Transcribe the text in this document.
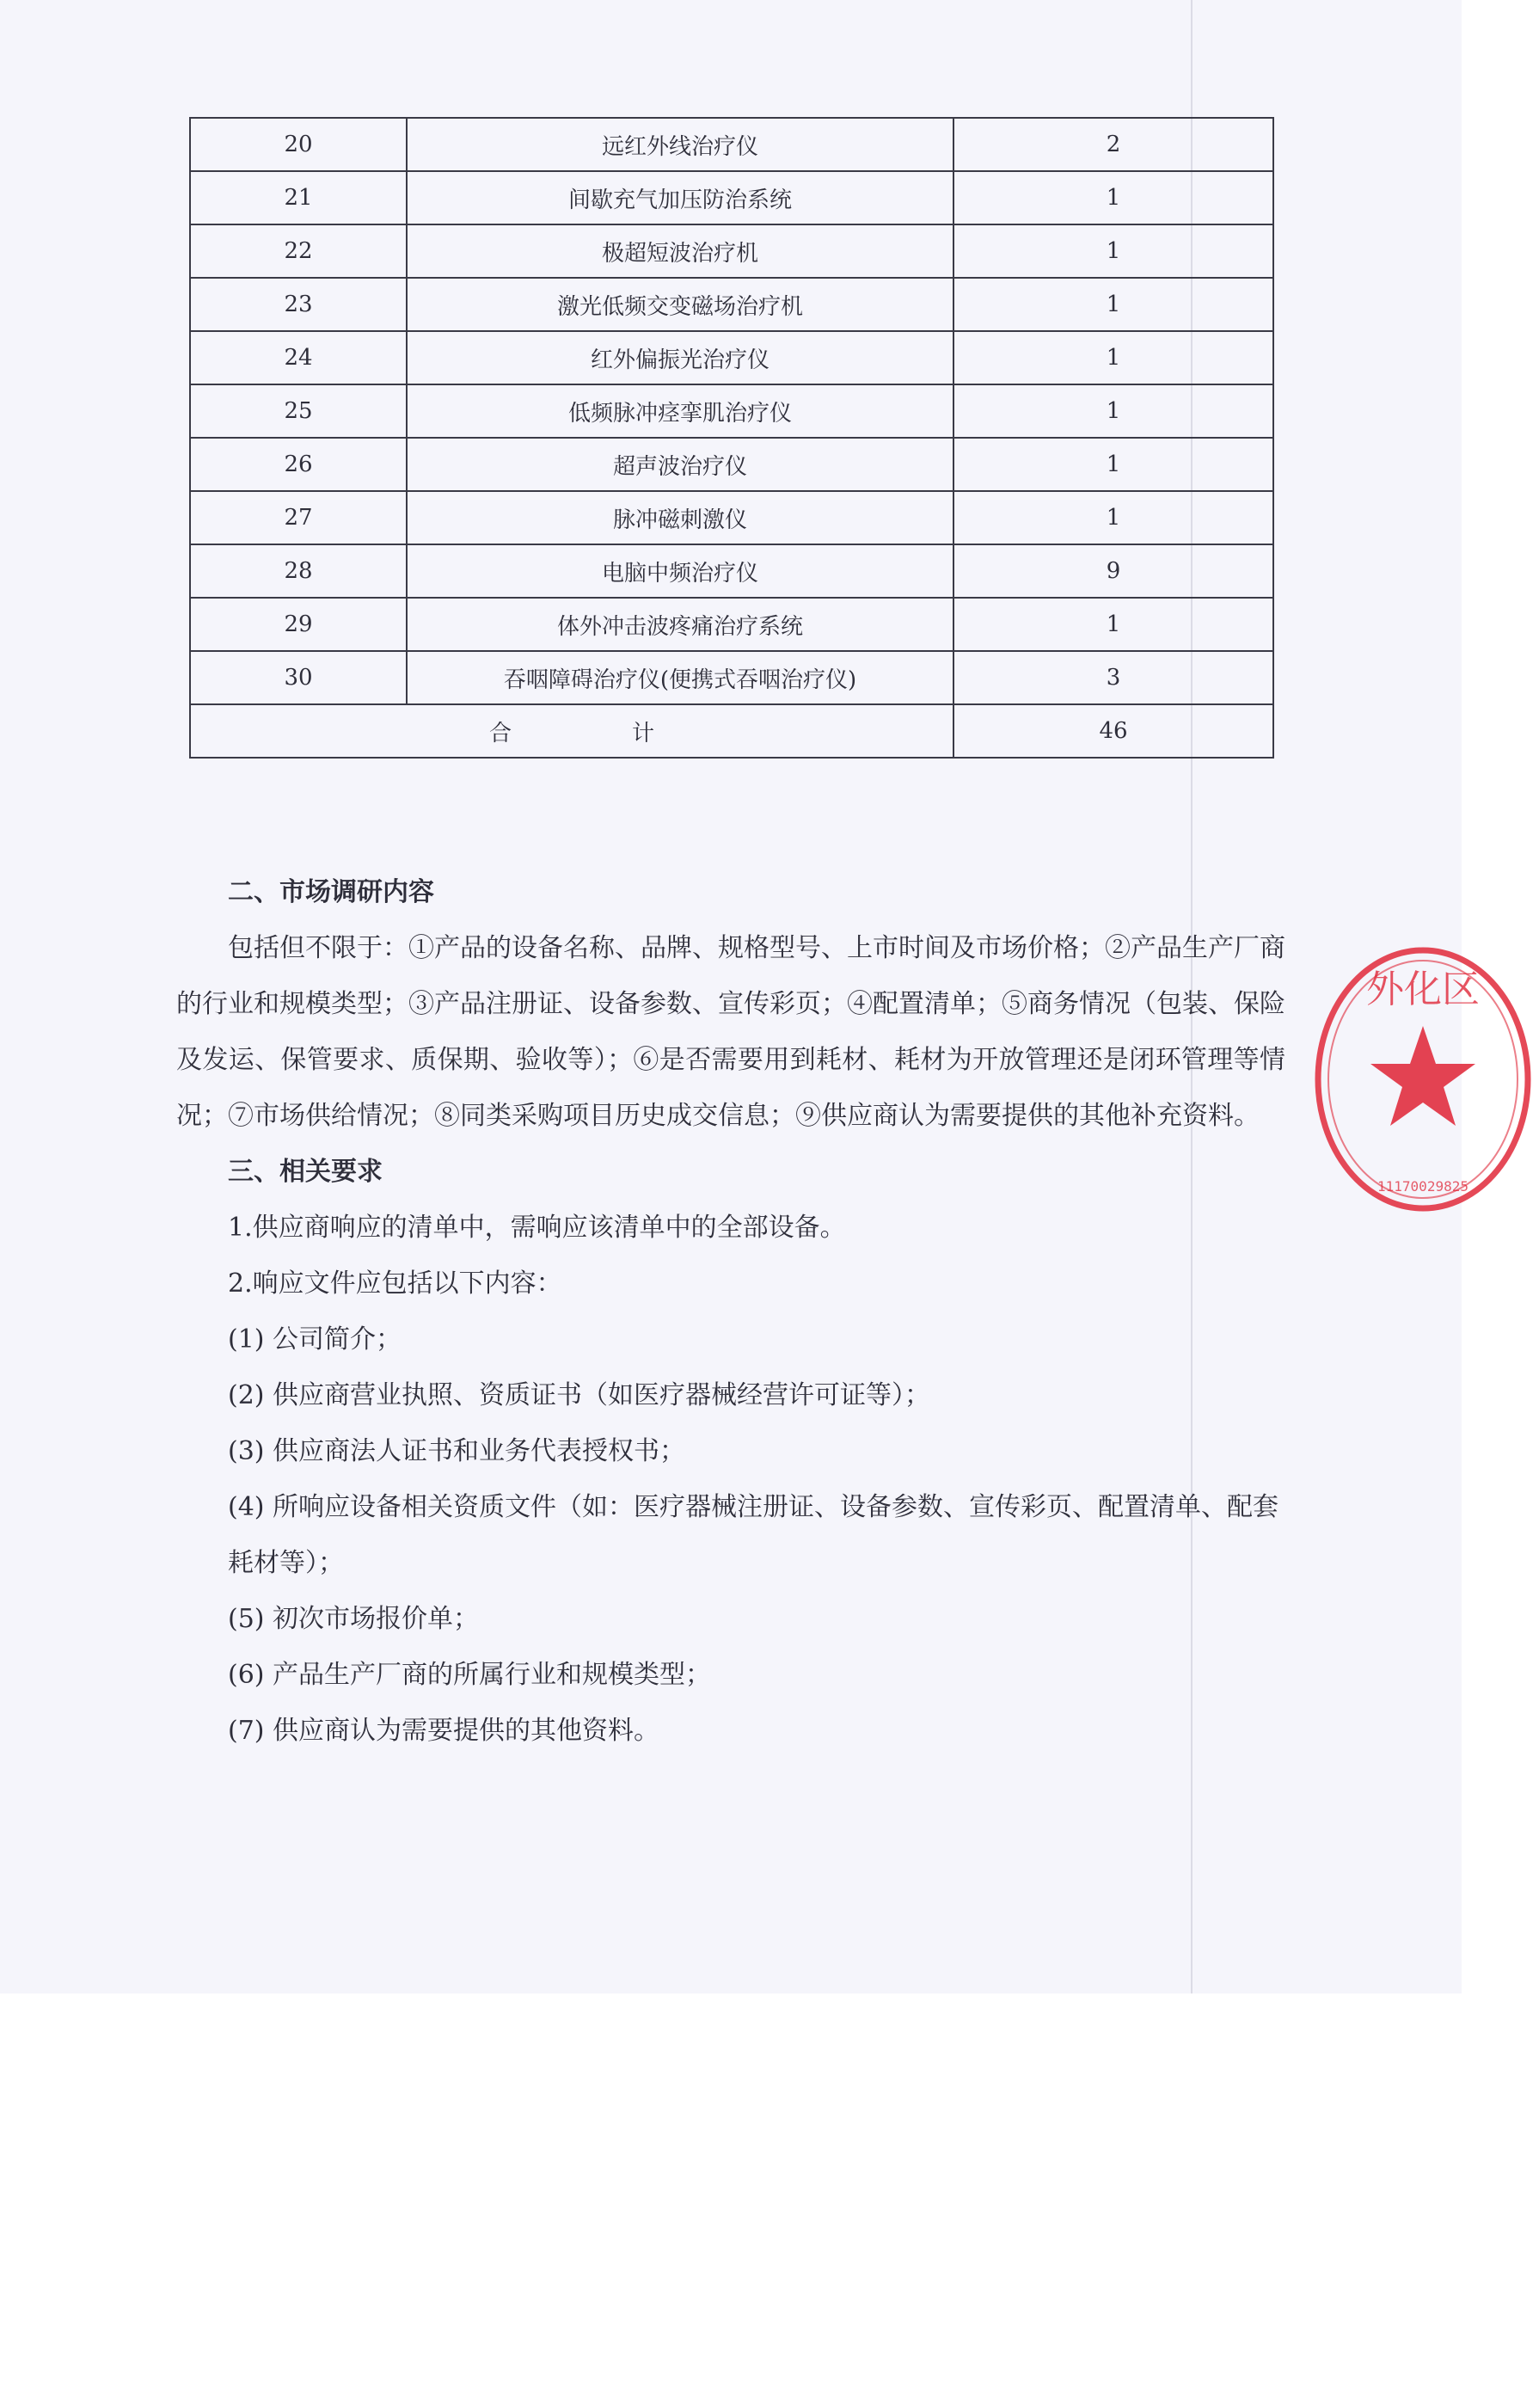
20	远红外线治疗仪	2
21	间歇充气加压防治系统	1
22	极超短波治疗机	1
23	激光低频交变磁场治疗机	1
24	红外偏振光治疗仪	1
25	低频脉冲痉挛肌治疗仪	1
26	超声波治疗仪	1
27	脉冲磁刺激仪	1
28	电脑中频治疗仪	9
29	体外冲击波疼痛治疗系统	1
30	吞咽障碍治疗仪(便携式吞咽治疗仪)	3
合 计		46
二、市场调研内容

包括但不限于：①产品的设备名称、品牌、规格型号、上市时间及市场价格；②产品生产厂商的行业和规模类型；③产品注册证、设备参数、宣传彩页；④配置清单；⑤商务情况（包装、保险及发运、保管要求、质保期、验收等）；⑥是否需要用到耗材、耗材为开放管理还是闭环管理等情况；⑦市场供给情况；⑧同类采购项目历史成交信息；⑨供应商认为需要提供的其他补充资料。

三、相关要求

1.供应商响应的清单中，需响应该清单中的全部设备。

2.响应文件应包括以下内容：

(1) 公司简介；

(2) 供应商营业执照、资质证书（如医疗器械经营许可证等）；

(3) 供应商法人证书和业务代表授权书；

(4) 所响应设备相关资质文件（如：医疗器械注册证、设备参数、宣传彩页、配置清单、配套耗材等）；

(5) 初次市场报价单；

(6) 产品生产厂商的所属行业和规模类型；

(7) 供应商认为需要提供的其他资料。

外化区
11170029825
